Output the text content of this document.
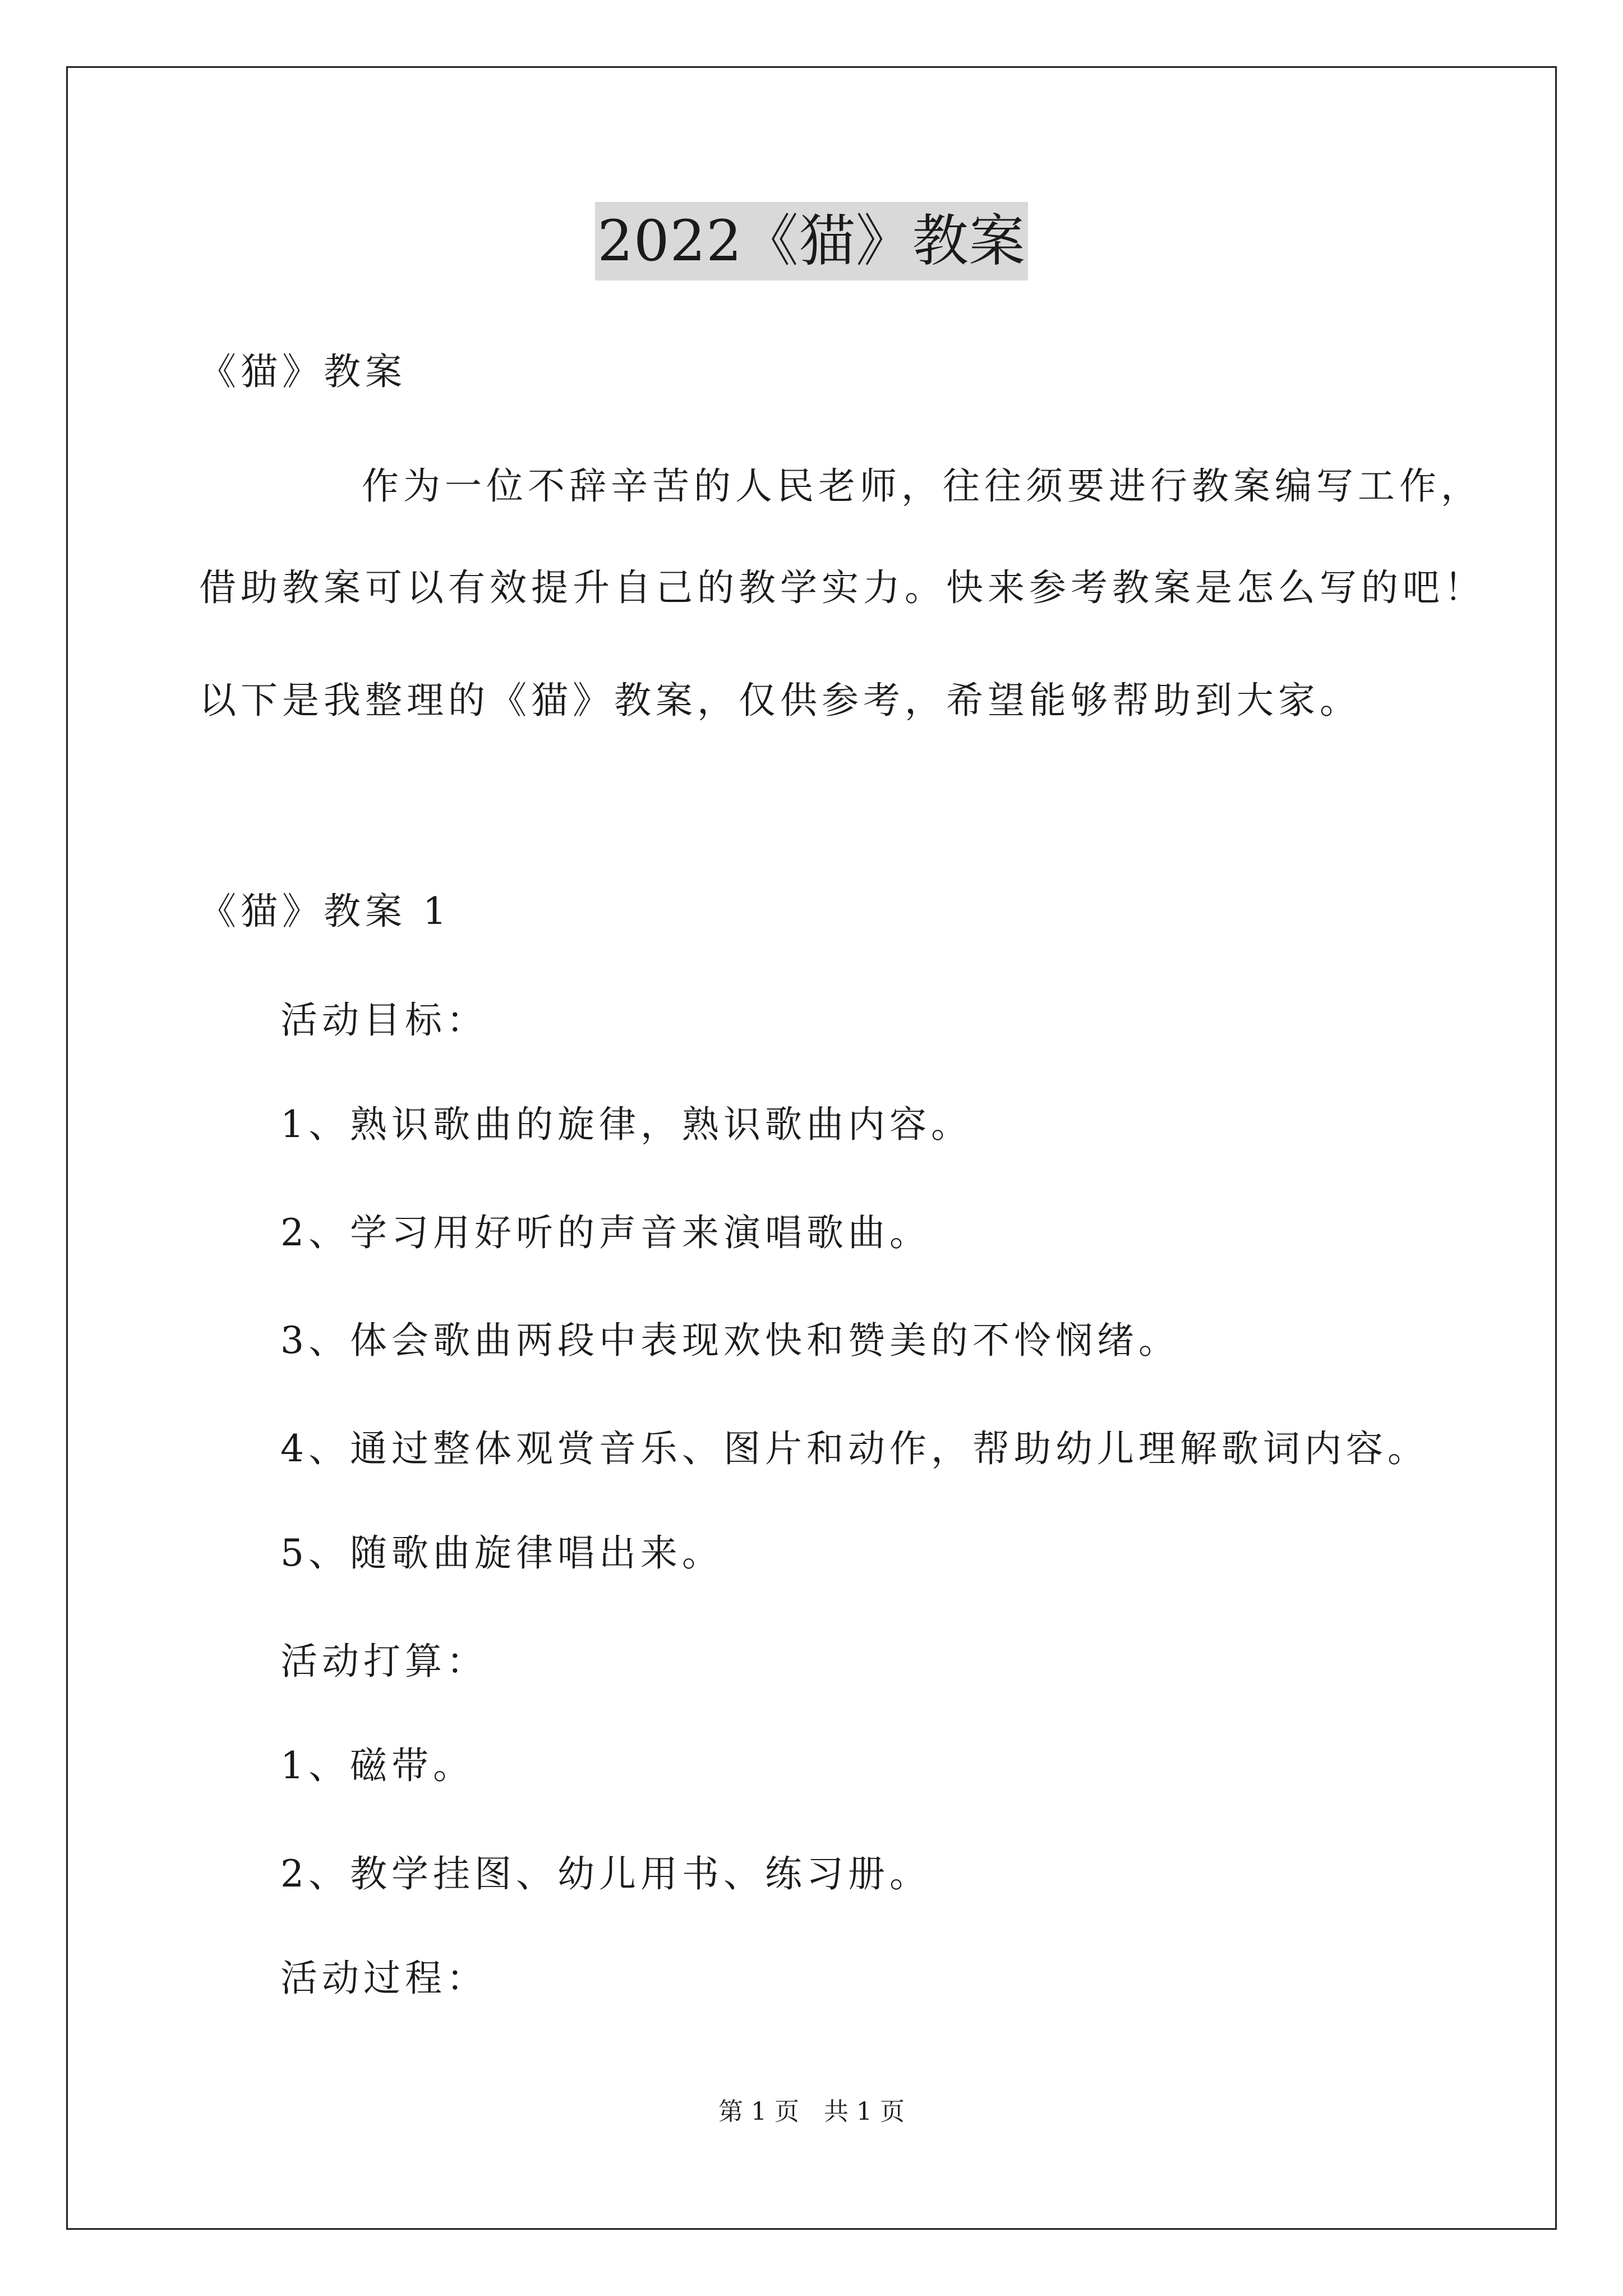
2022《猫》教案
《猫》教案
作为一位不辞辛苦的人民老师，往往须要进行教案编写工作，
借助教案可以有效提升自己的教学实力。快来参考教案是怎么写的吧！
以下是我整理的《猫》教案，仅供参考，希望能够帮助到大家。
《猫》教案 1
活动目标：
1、熟识歌曲的旋律，熟识歌曲内容。
2、学习用好听的声音来演唱歌曲。
3、体会歌曲两段中表现欢快和赞美的不怜悯绪。
4、通过整体观赏音乐、图片和动作，帮助幼儿理解歌词内容。
5、随歌曲旋律唱出来。
活动打算：
1、磁带。
2、教学挂图、幼儿用书、练习册。
活动过程：
第 1 页　共 1 页
